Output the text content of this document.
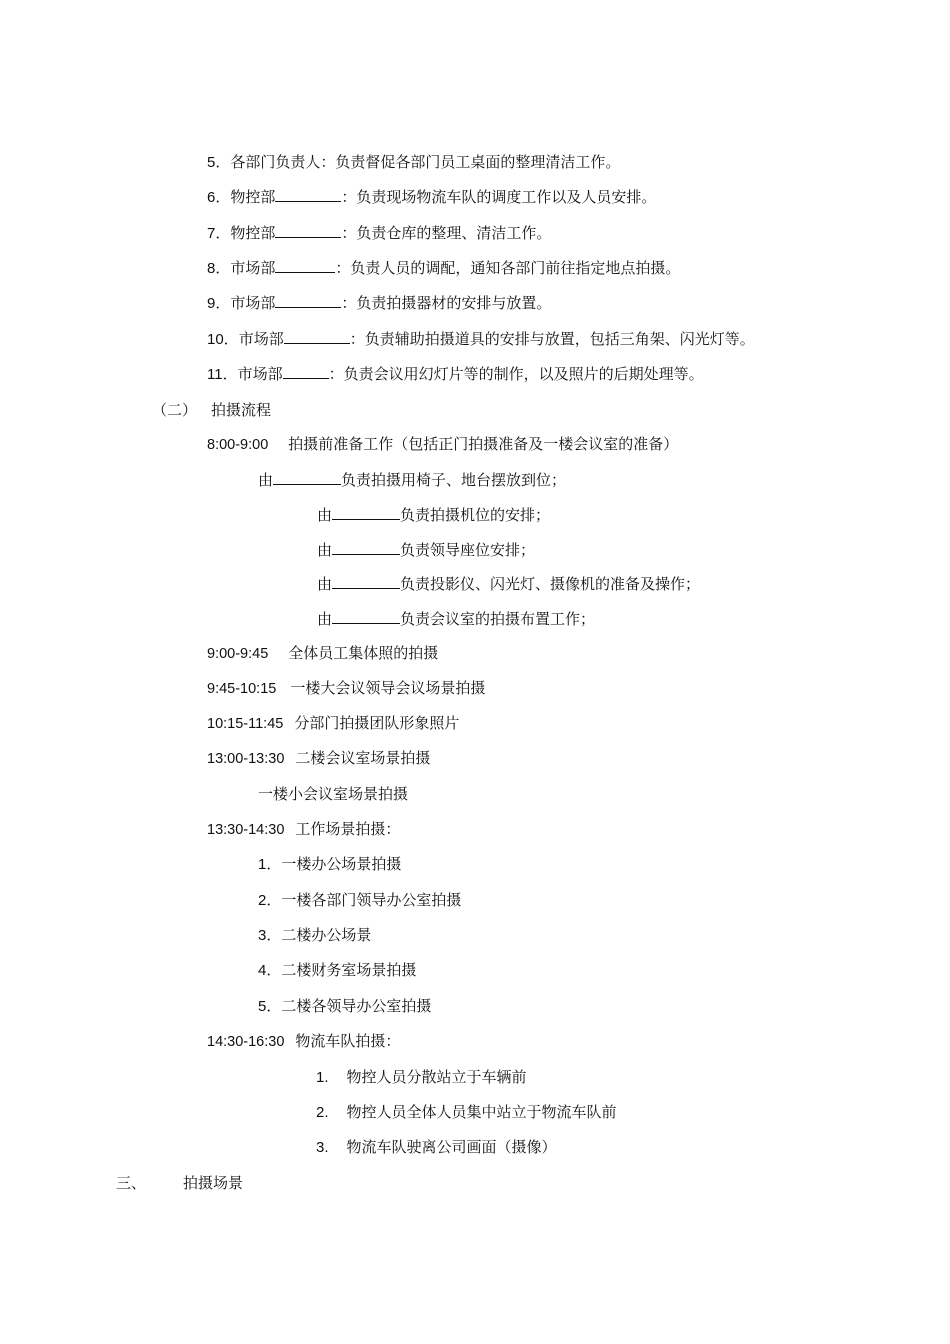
5．各部门负责人：负责督促各部门员工桌面的整理清洁工作。
6．物控部	：负责现场物流车队的调度工作以及人员安排。
7．物控部	：负责仓库的整理、清洁工作。
8．市场部	：负责人员的调配，通知各部门前往指定地点拍摄。
9．市场部	：负责拍摄器材的安排与放置。
10．市场部	：负责辅助拍摄道具的安排与放置，包括三角架、闪光灯等。
11．市场部	：负责会议用幻灯片等的制作，以及照片的后期处理等。
（二） 拍摄流程
8:00-9:00 拍摄前准备工作（包括正门拍摄准备及一楼会议室的准备）
由	负责拍摄用椅子、地台摆放到位；
由	负责拍摄机位的安排；
由	负责领导座位安排；
由	负责投影仪、闪光灯、摄像机的准备及操作；
由	负责会议室的拍摄布置工作；
9:00-9:45 全体员工集体照的拍摄
9:45-10:15 一楼大会议领导会议场景拍摄
10:15-11:45 分部门拍摄团队形象照片
13:00-13:30 二楼会议室场景拍摄
一楼小会议室场景拍摄
13:30-14:30 工作场景拍摄：
1．一楼办公场景拍摄
2．一楼各部门领导办公室拍摄
3．二楼办公场景
4．二楼财务室场景拍摄
5．二楼各领导办公室拍摄
14:30-16:30 物流车队拍摄：
1. 物控人员分散站立于车辆前
2. 物控人员全体人员集中站立于物流车队前
3. 物流车队驶离公司画面（摄像）
三、 拍摄场景
